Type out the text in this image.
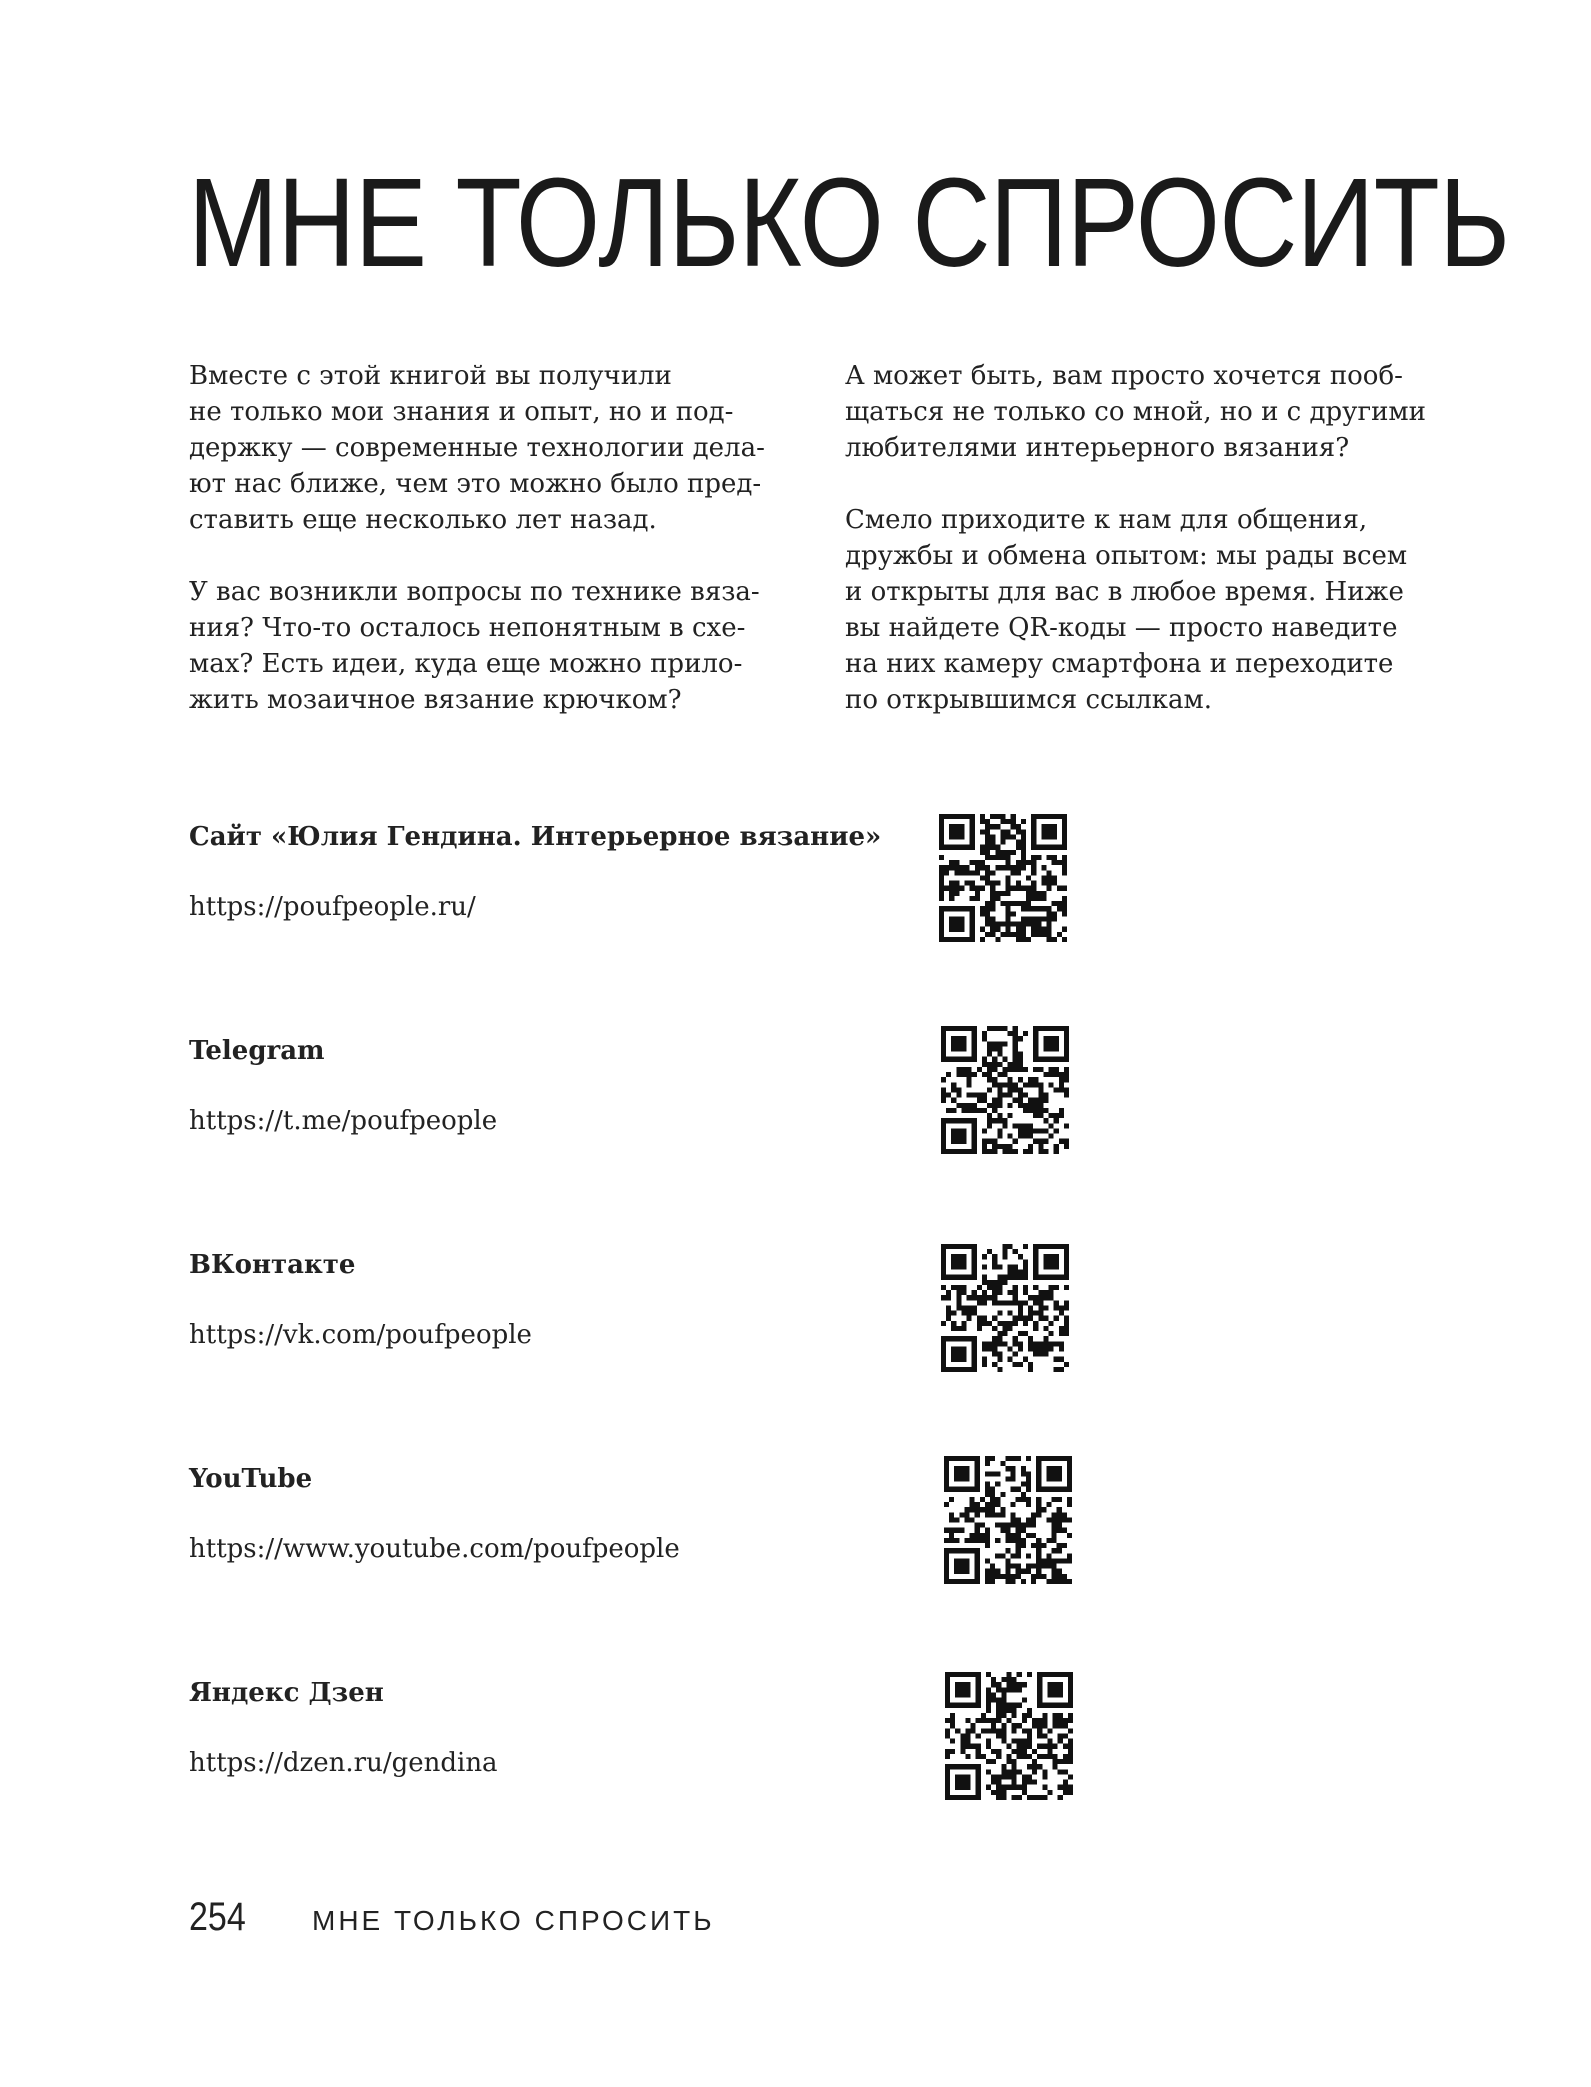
МНЕ ТОЛЬКО СПРОСИТЬ

Вместе с этой книгой вы получили
не только мои знания и опыт, но и под-
держку — современные технологии дела-
ют нас ближе, чем это можно было пред-
ставить еще несколько лет назад.

У вас возникли вопросы по технике вяза-
ния? Что-то осталось непонятным в схе-
мах? Есть идеи, куда еще можно прило-
жить мозаичное вязание крючком?

А может быть, вам просто хочется пооб-
щаться не только со мной, но и с другими
любителями интерьерного вязания?

Смело приходите к нам для общения,
дружбы и обмена опытом: мы рады всем
и открыты для вас в любое время. Ниже
вы найдете QR-коды — просто наведите
на них камеру смартфона и переходите
по открывшимся ссылкам.

Сайт «Юлия Гендина. Интерьерное вязание»

https://poufpeople.ru/

Telegram

https://t.me/poufpeople

ВКонтакте

https://vk.com/poufpeople

YouTube

https://www.youtube.com/poufpeople

Яндекс Дзен

https://dzen.ru/gendina

254 МНЕ ТОЛЬКО СПРОСИТЬ
